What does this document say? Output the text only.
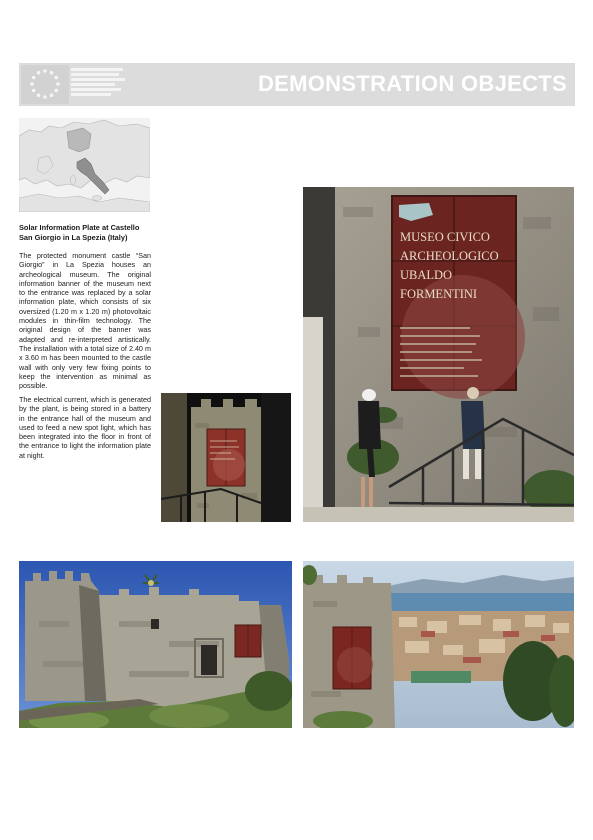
DEMONSTRATION OBJECTS
Solar Information Plate at Castello San Giorgio in La Spezia (Italy)
The protected monument castle “San Giorgio” in La Spezia houses an archeological museum. The original information banner of the museum next to the entrance was replaced by a solar information plate, which consists of six oversized (1.20 m x 1.20 m) photovoltaic modules in thin-film technology. The original design of the banner was adapted and re-interpreted artistically. The installation with a total size of 2.40 m x 3.60 m has been mounted to the castle wall with only very few fixing points to keep the intervention as minimal as possible.
The electrical current, which is generated by the plant, is being stored in a battery in the entrance hall of the museum and used to feed a new spot light, which has been integrated into the floor in front of the entrance to light the information plate at night.
MUSEO CIVICO
ARCHEOLOGICO
UBALDO
FORMENTINI
